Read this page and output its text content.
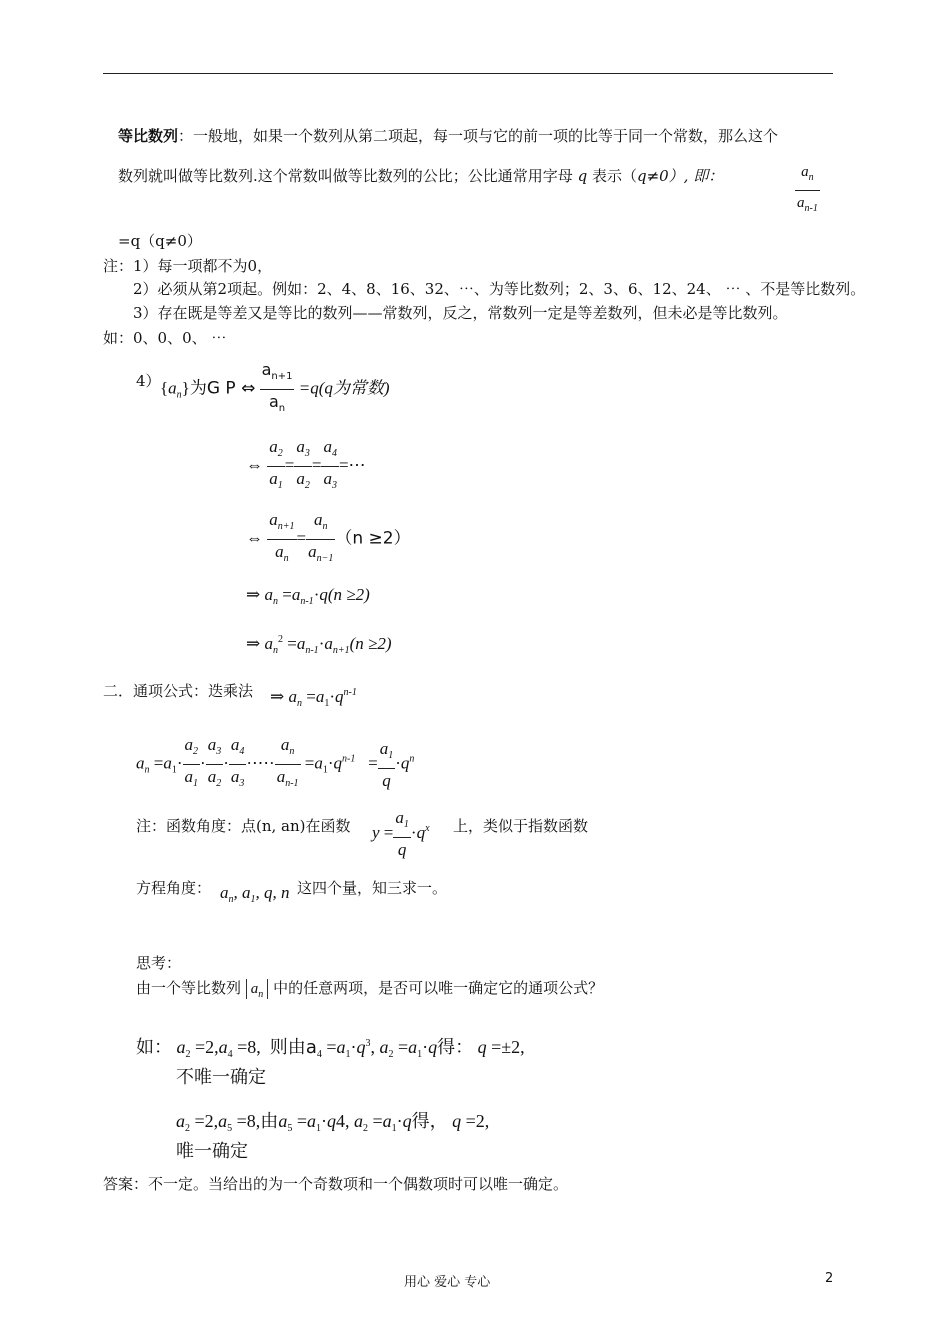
等比数列：一般地，如果一个数列从第二项起，每一项与它的前一项的比等于同一个常数，那么这个
数列就叫做等比数列.这个常数叫做等比数列的公比；公比通常用字母 q 表示（q≠0）, 即：	$\frac{a_n}{a_{n-1}}$
=q（q≠0）
注：1）每一项都不为0，
2）必须从第2项起。例如：2、4、8、16、32、⋯、为等比数列；2、3、6、12、24、 ⋯ 、不是等比数列。
3）存在既是等差又是等比的数列——常数列，反之，常数列一定是等差数列，但未必是等比数列。
如：0、0、0、 ⋯
4） $\{a_n\}$为G P ⇔ $\frac{a_{n+1}}{a_n} =q(q$为常数)
⇔ $\frac{a_2}{a_1} = \frac{a_3}{a_2} = \frac{a_4}{a_3}$ =⋯
⇔ $\frac{a_{n+1}}{a_n} = \frac{a_n}{a_{n-1}} (n \ge 2)$
⇒ $a_n =a_{n-1}\cdot q(n \ge 2)$
⇒ $a_n^2 =a_{n-1}\cdot a_{n+1}(n \ge 2)$
二．通项公式：迭乘法 ⇒ $a_n =a_1\cdot q^{n-1}$
$a_n =a_1\cdot \frac{a_2}{a_1} \cdot \frac{a_3}{a_2} \cdot \frac{a_4}{a_3}$ ·⋯· $\frac{a_n}{a_{n-1}} =a_1\cdot q^{n-1} = \frac{a_1}{q} \cdot q^n$
注：函数角度：点(n, an)在函数 $y = \frac{a_1}{q} \cdot q^x$ 上，类似于指数函数
方程角度： $a_n$, $a_1$, q, n 这四个量，知三求一。
思考：
由一个等比数列 $a_n$ 中的任意两项，是否可以唯一确定它的通项公式？
如： $a_2 =2,a_4 =8$,  则由$a_4 =a_1\cdot q^3$, $a_2 =a_1\cdot q$得： q =±2,
不唯一确定
$a_2 =2,a_5 =8$,由$a_5 =a_1\cdot q4$, $a_2 =a_1\cdot q$得， q =2,
唯一确定
答案：不一定。当给出的为一个奇数项和一个偶数项时可以唯一确定。
用心 爱心 专心	2
